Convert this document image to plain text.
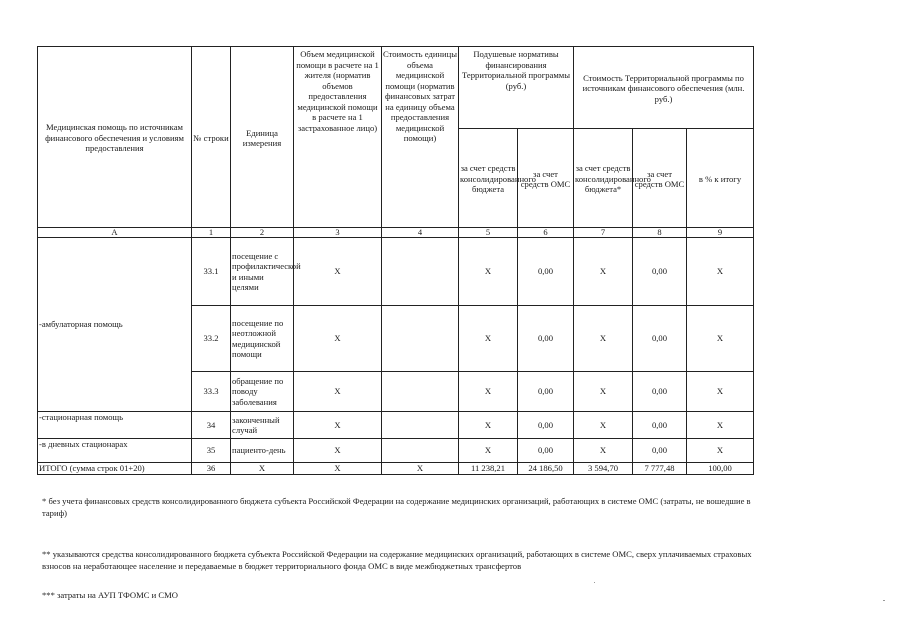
Медицинская помощь по источникам финансового обеспечения и условиям предоставления	№ строки	Единица измерения	Объем медицинской помощи в расчете на 1 жителя (норматив объемов предоставления медицинской помощи в расчете на 1 застрахованное лицо)	Стоимость единицы объема медицинской помощи (норматив финансовых затрат на единицу объема предоставления медицинской помощи)	Подушевые нормативы финансирования Территориальной программы (руб.)		Стоимость Территориальной программы по источникам финансового обеспечения (млн. руб.)		
					за счет средств консолидированного бюджета	за счет средств ОМС	за счет средств консолидированного бюджета*	за счет средств ОМС	в % к итогу
А	1	2	3	4	5	6	7	8	9
-амбулаторная помощь	33.1	посещение с профилактической и иными целями	Х		Х	0,00	Х	0,00	Х
	33.2	посещение по неотложной медицинской помощи	Х		Х	0,00	Х	0,00	Х
	33.3	обращение по поводу заболевания	Х		Х	0,00	Х	0,00	Х
-стационарная помощь	34	законченный случай	Х		Х	0,00	Х	0,00	Х
-в дневных стационарах	35	пациенто-день	Х		Х	0,00	Х	0,00	Х
ИТОГО (сумма строк 01+20)	36	Х	Х	Х	11 238,21	24 186,50	3 594,70	7 777,48	100,00
* без учета финансовых средств консолидированного бюджета субъекта Российской Федерации на содержание медицинских организаций, работающих в системе ОМС (затраты, не вошедшие в тариф)
** указываются средства консолидированного бюджета субъекта Российской Федерации на содержание медицинских организаций, работающих в системе ОМС, сверх уплачиваемых страховых взносов на неработающее население и передаваемые в бюджет территориального фонда ОМС в виде межбюджетных трансфертов
*** затраты на АУП ТФОМС и СМО
